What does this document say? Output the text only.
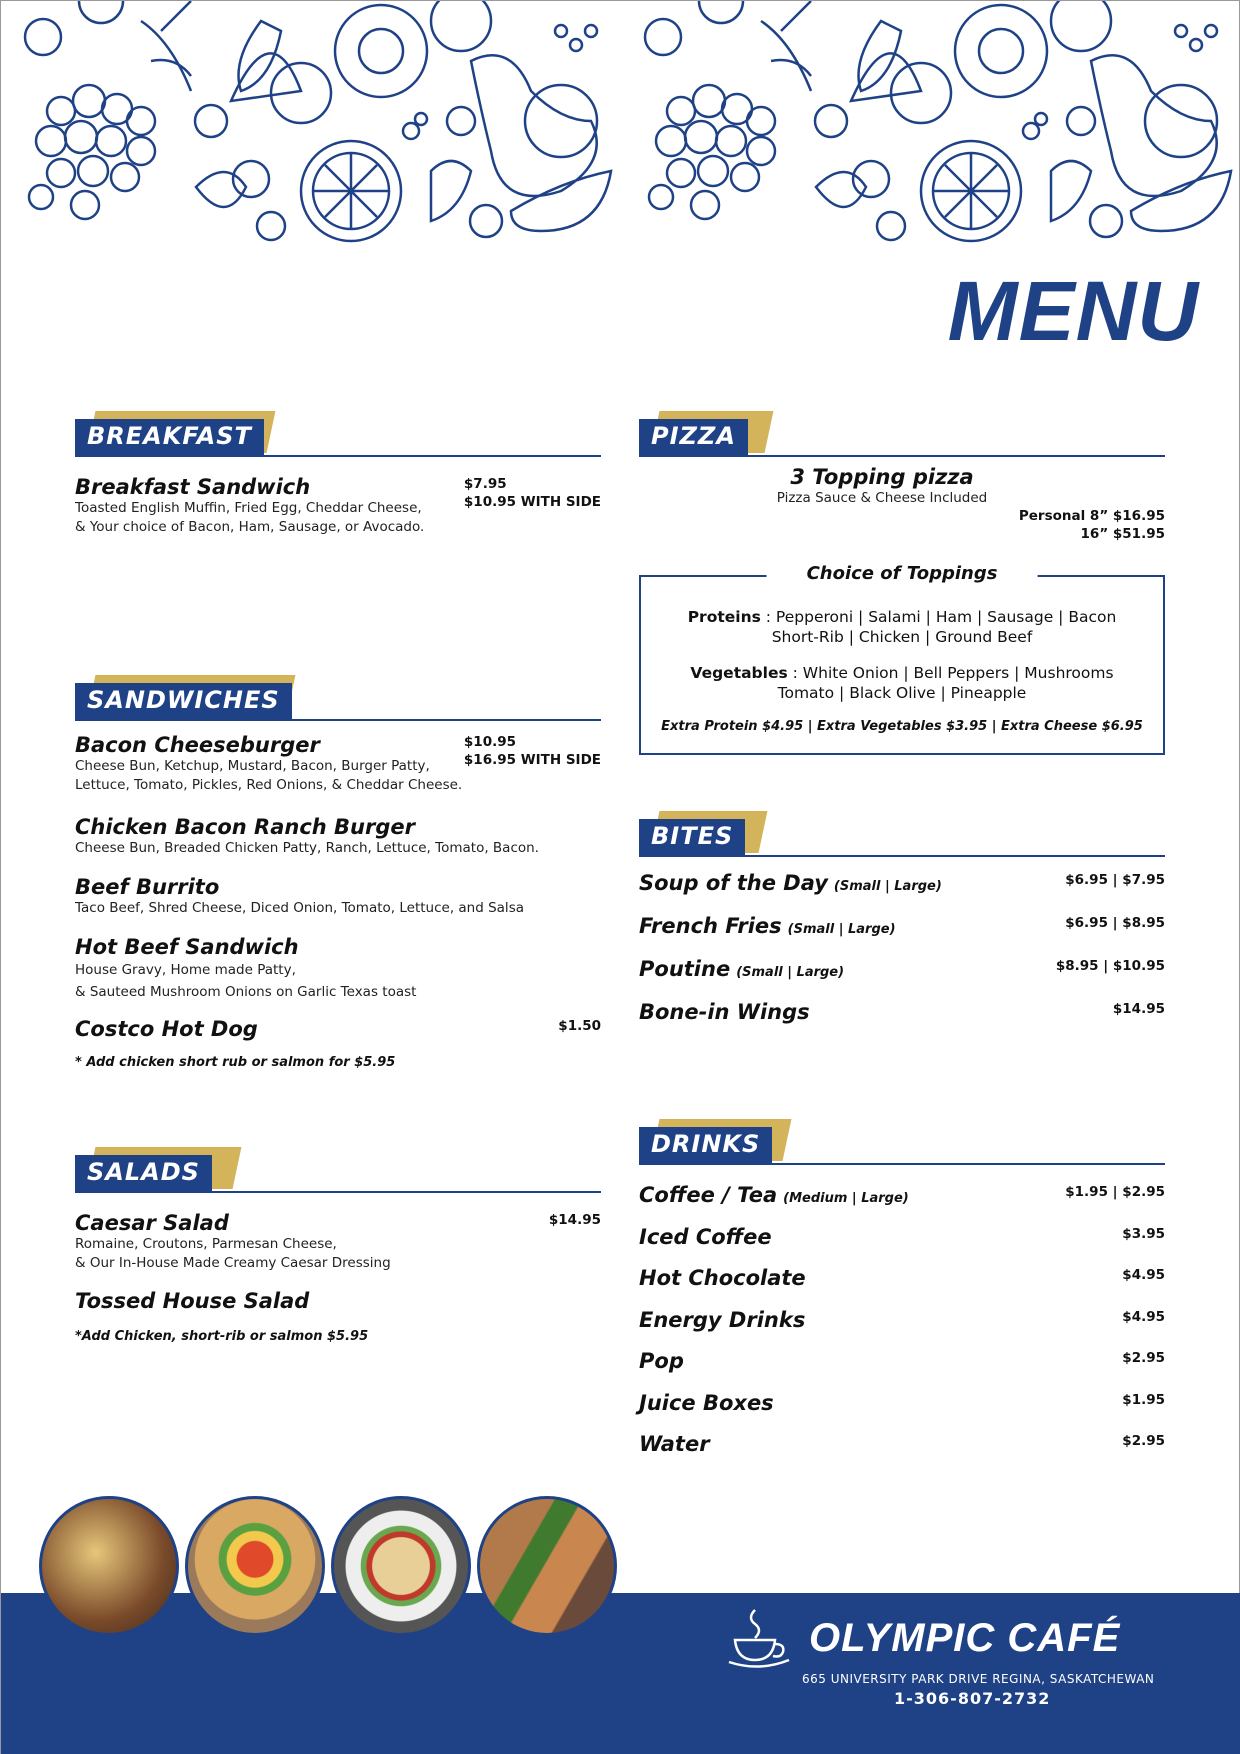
MENU
BREAKFAST
Breakfast Sandwich
Toasted English Muffin, Fried Egg, Cheddar Cheese,
& Your choice of Bacon, Ham, Sausage, or Avocado.
$7.95
$10.95 WITH SIDE
SANDWICHES
Bacon Cheeseburger
Cheese Bun, Ketchup, Mustard, Bacon, Burger Patty,
Lettuce, Tomato, Pickles, Red Onions, & Cheddar Cheese.
$10.95
$16.95 WITH SIDE
Chicken Bacon Ranch Burger
Cheese Bun, Breaded Chicken Patty, Ranch, Lettuce, Tomato, Bacon.
Beef Burrito
Taco Beef, Shred Cheese, Diced Onion, Tomato, Lettuce, and Salsa
Hot Beef Sandwich
House Gravy, Home made Patty,
& Sauteed Mushroom Onions on Garlic Texas toast
Costco Hot Dog	$1.50
* Add chicken short rub or salmon for $5.95
SALADS
Caesar Salad
Romaine, Croutons, Parmesan Cheese,
& Our In-House Made Creamy Caesar Dressing
$14.95
Tossed House Salad
*Add Chicken, short-rib or salmon $5.95
PIZZA
3 Topping pizza
Pizza Sauce & Cheese Included
Personal 8” $16.95
16” $51.95
Choice of Toppings
Proteins : Pepperoni | Salami | Ham | Sausage | Bacon
Short-Rib | Chicken | Ground Beef
Vegetables : White Onion | Bell Peppers | Mushrooms
Tomato | Black Olive | Pineapple
Extra Protein $4.95 | Extra Vegetables $3.95 | Extra Cheese $6.95
BITES
Soup of the Day (Small | Large)	$6.95 | $7.95
French Fries (Small | Large)	$6.95 | $8.95
Poutine (Small | Large)	$8.95 | $10.95
Bone-in Wings	$14.95
DRINKS
Coffee / Tea (Medium | Large)	$1.95 | $2.95
Iced Coffee	$3.95
Hot Chocolate	$4.95
Energy Drinks	$4.95
Pop	$2.95
Juice Boxes	$1.95
Water	$2.95
OLYMPIC CAFÉ
665 UNIVERSITY PARK DRIVE REGINA, SASKATCHEWAN
1-306-807-2732
